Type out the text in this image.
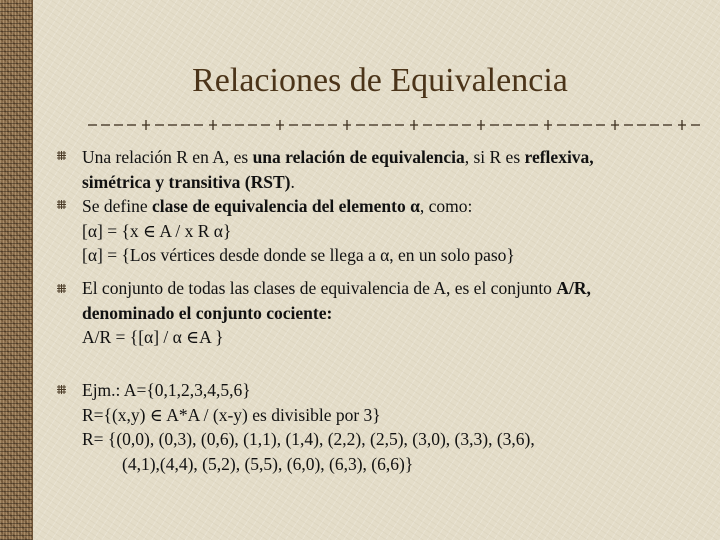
Relaciones de Equivalencia

Una relación R en A, es una relación de equivalencia, si R es reflexiva,

simétrica y transitiva (RST).

Se define clase de equivalencia del elemento α, como:

[α] = {x ∈ A / x R α}

[α] = {Los vértices desde donde se llega a α, en un solo paso}

El conjunto de todas las clases de equivalencia de A, es el conjunto A/R,

denominado el conjunto cociente:

A/R = {[α] / α ∈A }

Ejm.: A={0,1,2,3,4,5,6}

R={(x,y) ∈ A*A / (x-y) es divisible por 3}

R= {(0,0), (0,3), (0,6), (1,1), (1,4), (2,2), (2,5), (3,0), (3,3), (3,6),

(4,1),(4,4), (5,2), (5,5), (6,0), (6,3), (6,6)}
